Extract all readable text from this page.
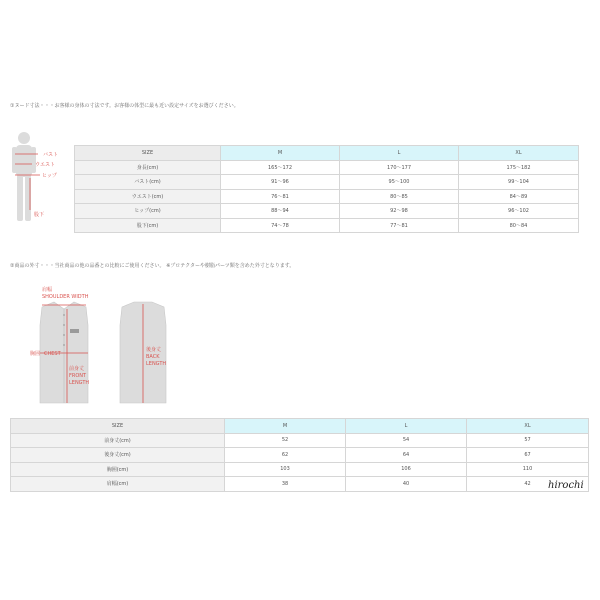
①ヌード寸法・・・お客様の身体の寸法です。お客様の体型に最も近い設定サイズをお選びください。
バスト
ウエスト
ヒップ
股下
SIZE	M	L	XL
身長(cm)	165〜172	170〜177	175〜182
バスト(cm)	91〜96	95〜100	99〜104
ウエスト(cm)	76〜81	80〜85	84〜89
ヒップ(cm)	88〜94	92〜98	96〜102
股下(cm)	74〜78	77〜81	80〜84
②商品の外寸・・・当社商品の他の品番との比較にご使用ください。 ※プロテクターや樹脂パーツ類を含めた外寸となります。
肩幅
SHOULDER WIDTH
胸囲 CHEST
前身丈
FRONT
LENGTH
後身丈
BACK
LENGTH
SIZE	M	L	XL
前身丈(cm)	52	54	57
後身丈(cm)	62	64	67
胸囲(cm)	103	106	110
肩幅(cm)	38	40	42 hirochi
